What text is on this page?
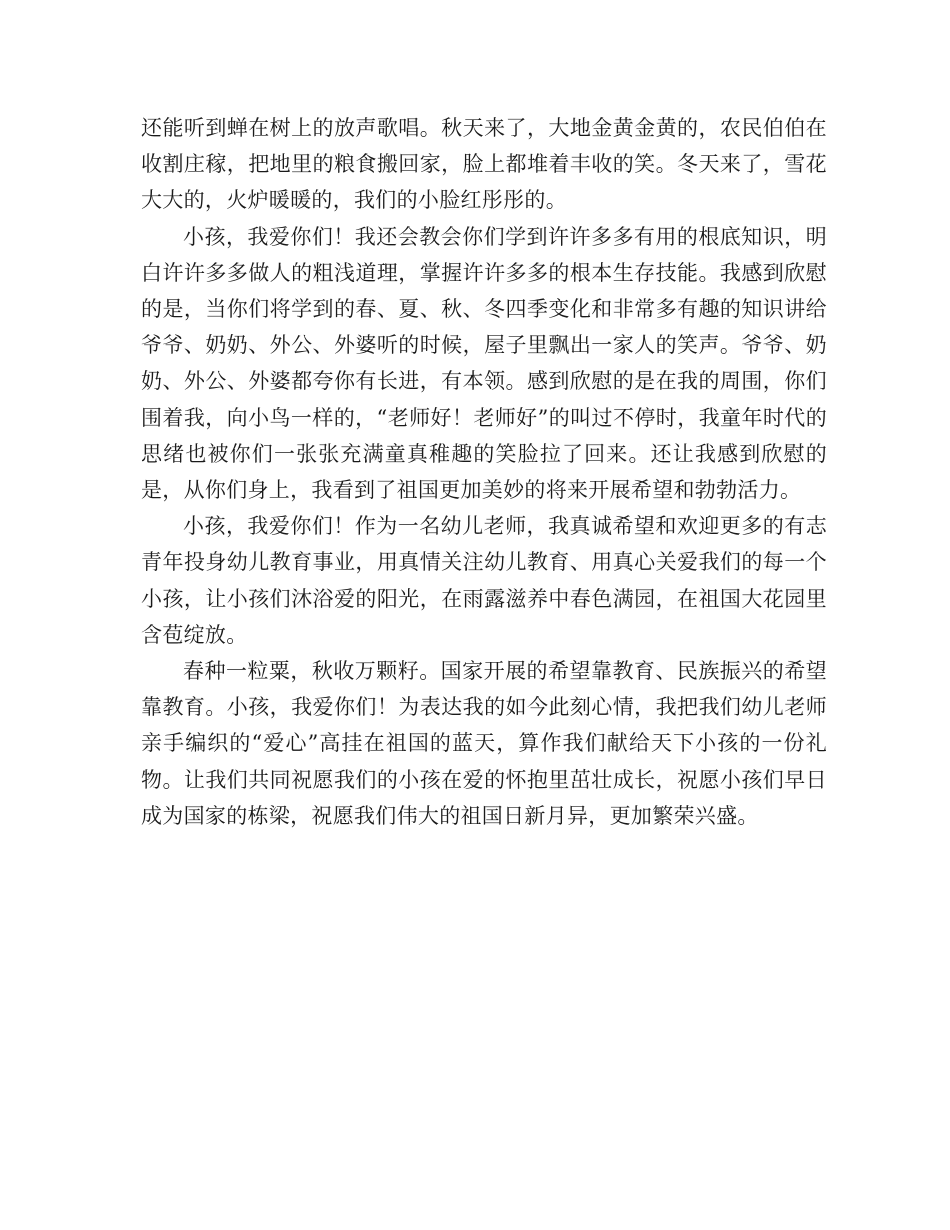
还能听到蝉在树上的放声歌唱。秋天来了，大地金黄金黄的，农民伯伯在收割庄稼，把地里的粮食搬回家，脸上都堆着丰收的笑。冬天来了，雪花大大的，火炉暖暖的，我们的小脸红彤彤的。

小孩，我爱你们！我还会教会你们学到许许多多有用的根底知识，明白许许多多做人的粗浅道理，掌握许许多多的根本生存技能。我感到欣慰的是，当你们将学到的春、夏、秋、冬四季变化和非常多有趣的知识讲给爷爷、奶奶、外公、外婆听的时候，屋子里飘出一家人的笑声。爷爷、奶奶、外公、外婆都夸你有长进，有本领。感到欣慰的是在我的周围，你们围着我，向小鸟一样的，“老师好！老师好”的叫过不停时，我童年时代的思绪也被你们一张张充满童真稚趣的笑脸拉了回来。还让我感到欣慰的是，从你们身上，我看到了祖国更加美妙的将来开展希望和勃勃活力。

小孩，我爱你们！作为一名幼儿老师，我真诚希望和欢迎更多的有志青年投身幼儿教育事业，用真情关注幼儿教育、用真心关爱我们的每一个小孩，让小孩们沐浴爱的阳光，在雨露滋养中春色满园，在祖国大花园里含苞绽放。

春种一粒粟，秋收万颗籽。国家开展的希望靠教育、民族振兴的希望靠教育。小孩，我爱你们！为表达我的如今此刻心情，我把我们幼儿老师亲手编织的“爱心”高挂在祖国的蓝天，算作我们献给天下小孩的一份礼物。让我们共同祝愿我们的小孩在爱的怀抱里茁壮成长，祝愿小孩们早日成为国家的栋梁，祝愿我们伟大的祖国日新月异，更加繁荣兴盛。
